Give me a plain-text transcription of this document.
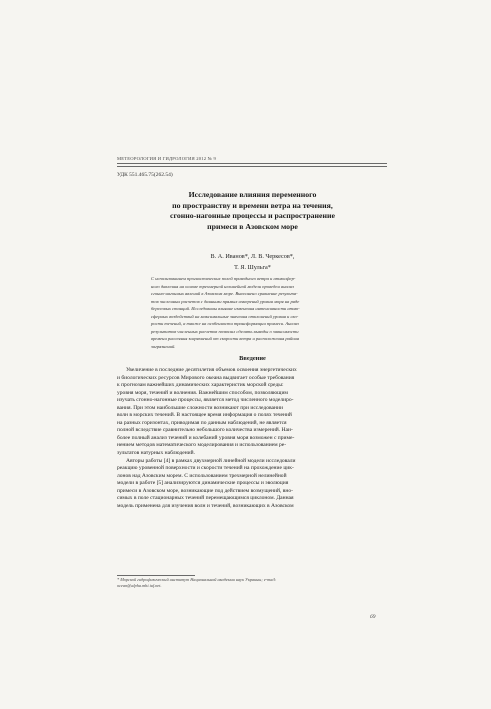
МЕТЕОРОЛОГИЯ И ГИДРОЛОГИЯ 2012 № 9
УДК 551.465.75(262.54)
Исследование влияния переменного
по пространству и времени ветра на течения,
сгонно-нагонные процессы и распространение
примеси в Азовском море
В. А. Иванов*, Л. В. Черкесов*,
Т. Я. Шульга*
С использованием прогностических полей приводного ветра и атмосфер-
ного давления на основе трехмерной нелинейной модели проведен анализ
сгонно-нагонных явлений в Азовском море. Выполнено сравнение результа-
тов численных расчетов с данными прямых измерений уровня моря на ряде
береговых станций. Исследованы влияние изменения интенсивности атмо-
сферных воздействий на максимальные значения отклонений уровня и ско-
рости течений, а также на особенности трансформации примеси. Анализ
результатов численных расчетов позволил сделать выводы о зависимости
времени рассеяния загрязнений от скорости ветра и расположения района
загрязнений.
Введение
Увеличение в последние десятилетия объемов освоения энергетических
и биологических ресурсов Мирового океана выдвигает особые требования
к прогнозам важнейших динамических характеристик морской среды:
уровня моря, течений и волнения. Важнейшим способом, позволяющим
изучать сгонно-нагонные процессы, является метод численного моделиро-
вания. При этом наибольшие сложности возникают при исследовании
волн в морских течений. В настоящее время информация о полях течений
на разных горизонтах, приводимая по данным наблюдений, не является
полной вследствие сравнительно небольшого количества измерений. Наи-
более полный анализ течений и колебаний уровня моря возможен с приме-
нением методов математического моделирования и использованием ре-
зультатов натурных наблюдений.
Авторы работы [4] в рамках двухмерной линейной модели исследовали
реакцию уровенной поверхности и скорости течений на прохождение цик-
лонов над Азовским морем. С использованием трехмерной нелинейной
модели в работе [5] анализируются динамические процессы и эволюция
примеси в Азовском море, возникающие под действием возмущений, вно-
симых в поле стационарных течений перемещающимся циклоном. Данная
модель применена для изучения волн и течений, возникающих в Азовском
* Морской гидрофизический институт Национальной академии наук Украины; e-mail:
ocean@alpha.mhi.iuf.net.
69
